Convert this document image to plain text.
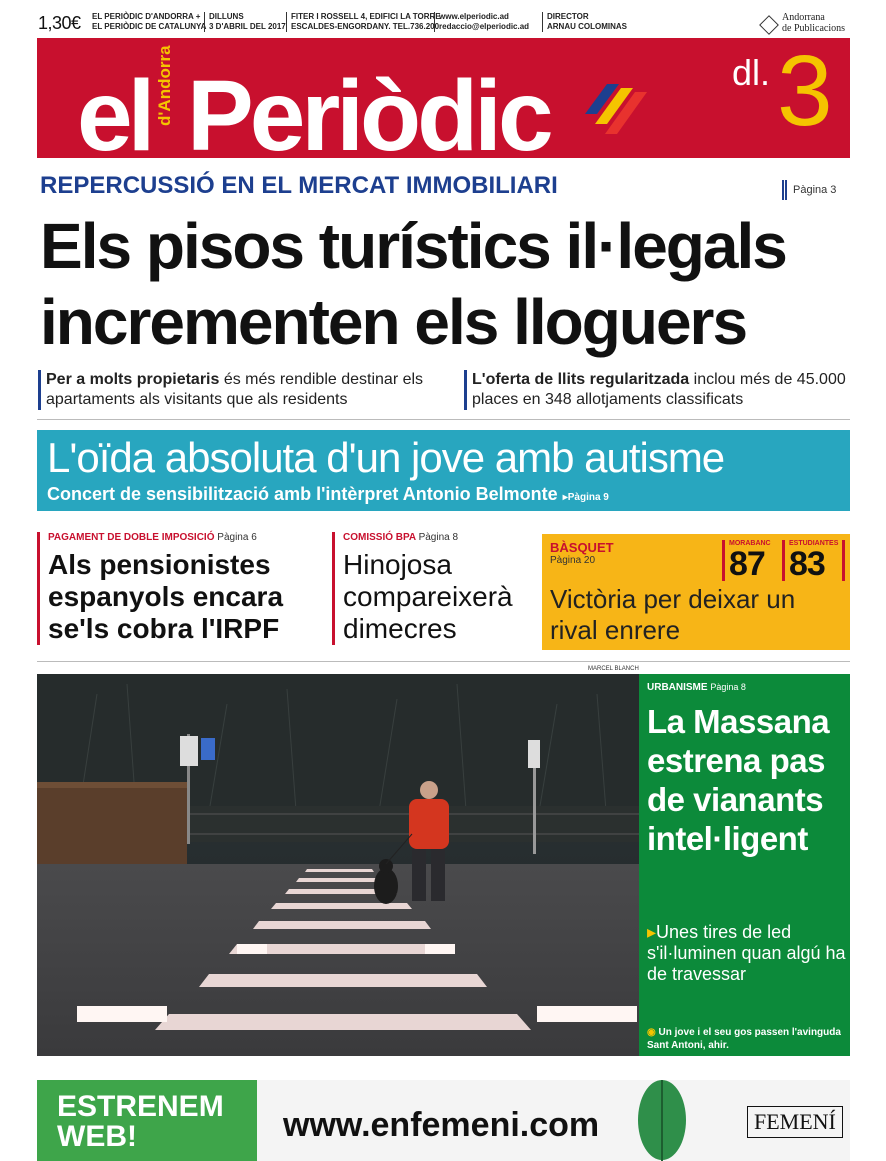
1,30€ EL PERIÒDIC D'ANDORRA +
EL PERIÒDIC DE CATALUNYA
DILLUNS
3 D'ABRIL DEL 2017
FITER I ROSSELL 4, EDIFICI LA TORRE
ESCALDES-ENGORDANY. TEL.736.200
www.elperiodic.ad
redaccio@elperiodic.ad
DIRECTOR
ARNAU COLOMINAS
Andorrana
de Publicacions
el d'Andorra Periòdic	dl. 3
REPERCUSSIÓ EN EL MERCAT IMMOBILIARI	Pàgina 3
Els pisos turístics il·legals
incrementen els lloguers
Per a molts propietaris és més rendible destinar els apartaments als visitants que als residents
L'oferta de llits regularitzada inclou més de 45.000 places en 348 allotjaments classificats
L'oïda absoluta d'un jove amb autisme
Concert de sensibilització amb l'intèrpret Antonio Belmonte ▸Pàgina 9
PAGAMENT DE DOBLE IMPOSICIÓ Pàgina 6
Als pensionistes espanyols encara se'ls cobra l'IRPF
COMISSIÓ BPA Pàgina 8
Hinojosa compareixerà dimecres
BÀSQUET
Pàgina 20
MORABANC
87
ESTUDIANTES
83
Victòria per deixar un rival enrere
MARCEL BLANCH
URBANISME Pàgina 8
La Massana estrena pas de vianants intel·ligent
▸Unes tires de led s'il·luminen quan algú ha de travessar
◉ Un jove i el seu gos passen l'avinguda Sant Antoni, ahir.
ESTRENEM
WEB!	www.enfemeni.com	FEMENÍ
